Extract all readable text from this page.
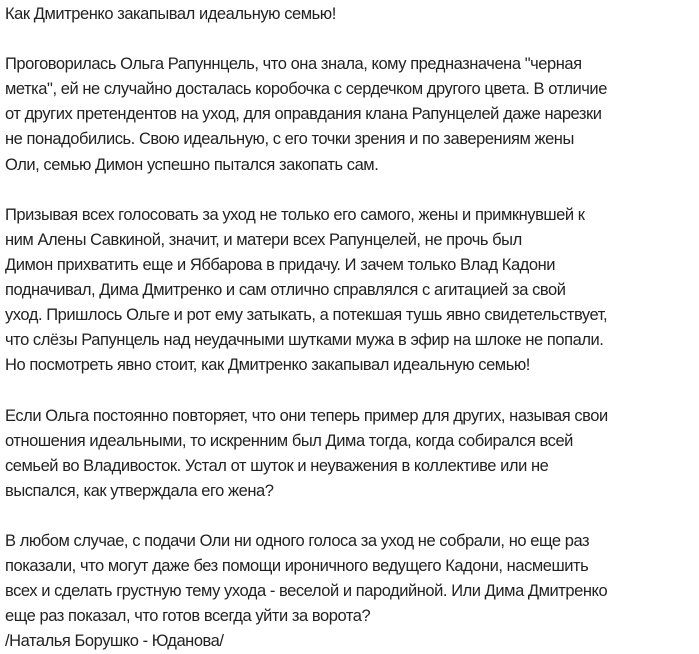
Как Дмитренко закапывал идеальную семью!
Проговорилась Ольга Рапуннцель, что она знала, кому предназначена "черная
метка", ей не случайно досталась коробочка с сердечком другого цвета. В отличие
от других претендентов на уход, для оправдания клана Рапунцелей даже нарезки
не понадобились. Свою идеальную, с его точки зрения и по заверениям жены
Оли, семью Димон успешно пытался закопать сам.
Призывая всех голосовать за уход не только его самого, жены и примкнувшей к
ним Алены Савкиной, значит, и матери всех Рапунцелей, не прочь был
Димон прихватить еще и Яббарова в придачу. И зачем только Влад Кадони
подначивал, Дима Дмитренко и сам отлично справлялся с агитацией за свой
уход. Пришлось Ольге и рот ему затыкать, а потекшая тушь явно свидетельствует,
что слёзы Рапунцель над неудачными шутками мужа в эфир на шлоке не попали.
Но посмотреть явно стоит, как Дмитренко закапывал идеальную семью!
Если Ольга постоянно повторяет, что они теперь пример для других, называя свои
отношения идеальными, то искренним был Дима тогда, когда собирался всей
семьей во Владивосток. Устал от шуток и неуважения в коллективе или не
выспался, как утверждала его жена?
В любом случае, с подачи Оли ни одного голоса за уход не собрали, но еще раз
показали, что могут даже без помощи ироничного ведущего Кадони, насмешить
всех и сделать грустную тему ухода - веселой и пародийной. Или Дима Дмитренко
еще раз показал, что готов всегда уйти за ворота?
/Наталья Борушко - Юданова/
